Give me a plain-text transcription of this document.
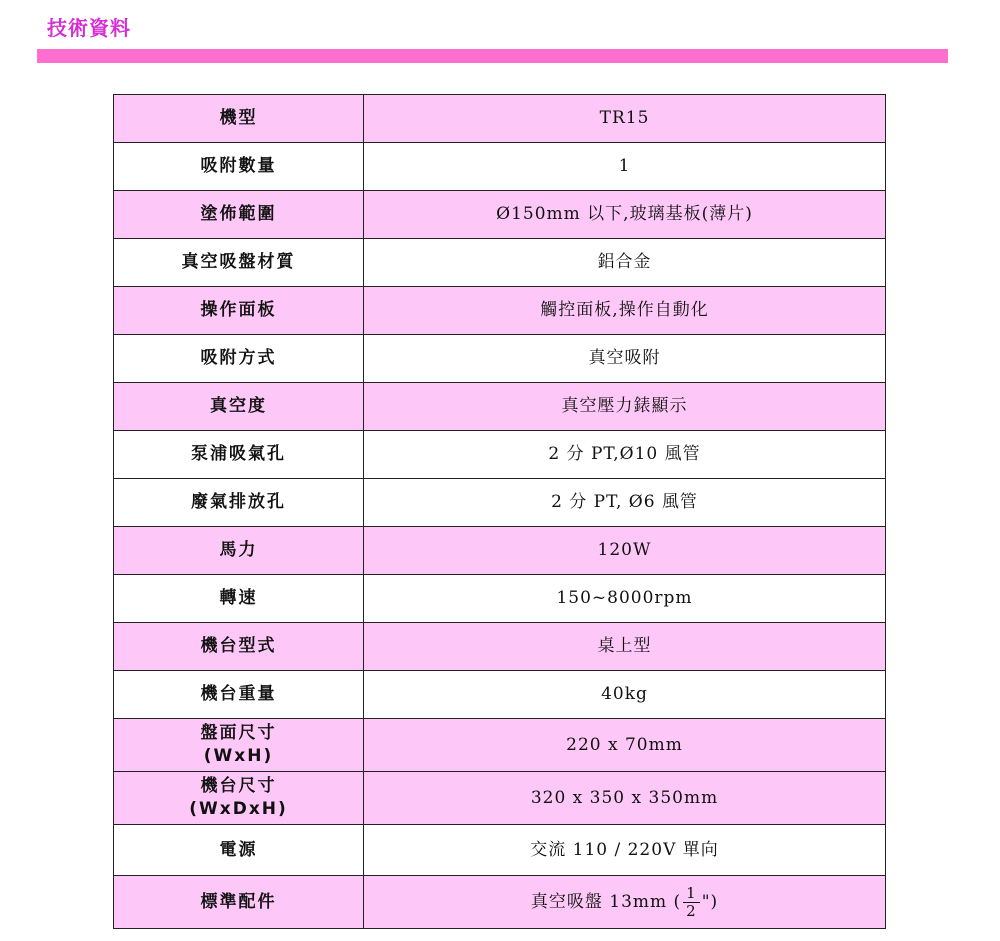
技術資料
機型	TR15
吸附數量	1
塗佈範圍	Ø150mm 以下,玻璃基板(薄片)
真空吸盤材質	鋁合金
操作面板	觸控面板,操作自動化
吸附方式	真空吸附
真空度	真空壓力錶顯示
泵浦吸氣孔	2 分 PT,Ø10 風管
廢氣排放孔	2 分 PT, Ø6 風管
馬力	120W
轉速	150~8000rpm
機台型式	桌上型
機台重量	40kg

盤面尺寸
(WxH)	220 x 70mm

機台尺寸
(WxDxH)	320 x 350 x 350mm
電源	交流 110 / 220V 單向
標準配件	真空吸盤 13mm ( $\frac{1}{2}$ ")
